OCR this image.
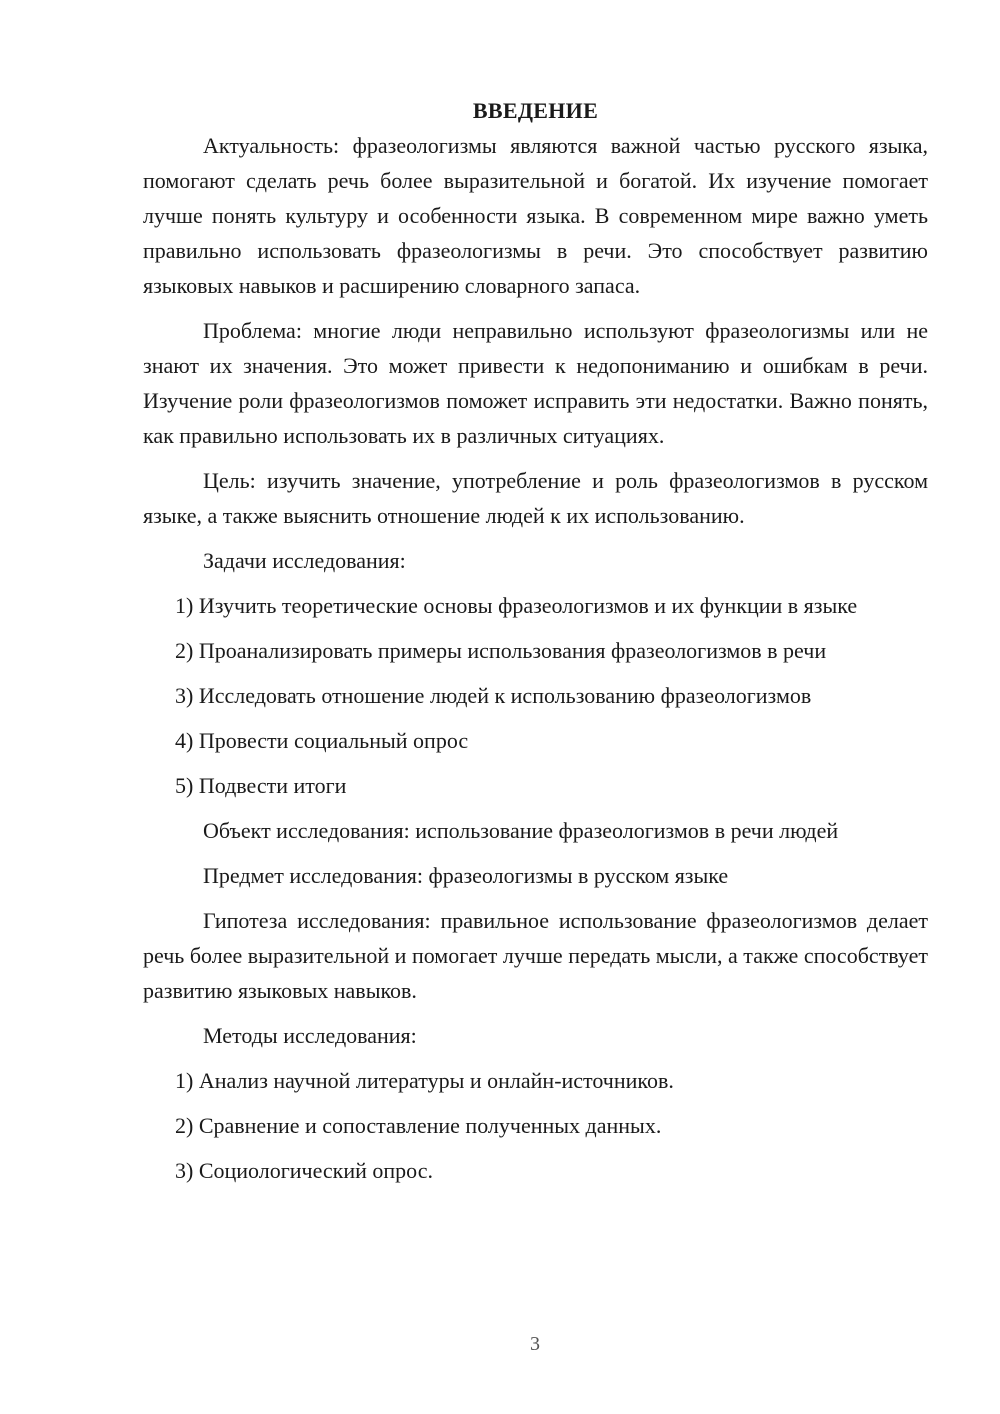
ВВЕДЕНИЕ

Актуальность: фразеологизмы являются важной частью русского языка, помогают сделать речь более выразительной и богатой. Их изучение помогает лучше понять культуру и особенности языка. В современном мире важно уметь правильно использовать фразеологизмы в речи. Это способствует развитию языковых навыков и расширению словарного запаса.

Проблема: многие люди неправильно используют фразеологизмы или не знают их значения. Это может привести к недопониманию и ошибкам в речи. Изучение роли фразеологизмов поможет исправить эти недостатки. Важно понять, как правильно использовать их в различных ситуациях.

Цель: изучить значение, употребление и роль фразеологизмов в русском языке, а также выяснить отношение людей к их использованию.

Задачи исследования:

1) Изучить теоретические основы фразеологизмов и их функции в языке

2) Проанализировать примеры использования фразеологизмов в речи

3) Исследовать отношение людей к использованию фразеологизмов

4) Провести социальный опрос

5) Подвести итоги

Объект исследования: использование фразеологизмов в речи людей

Предмет исследования: фразеологизмы в русском языке

Гипотеза исследования: правильное использование фразеологизмов делает речь более выразительной и помогает лучше передать мысли, а также способствует развитию языковых навыков.

Методы исследования:

1) Анализ научной литературы и онлайн-источников.

2) Сравнение и сопоставление полученных данных.

3) Социологический опрос.

3
